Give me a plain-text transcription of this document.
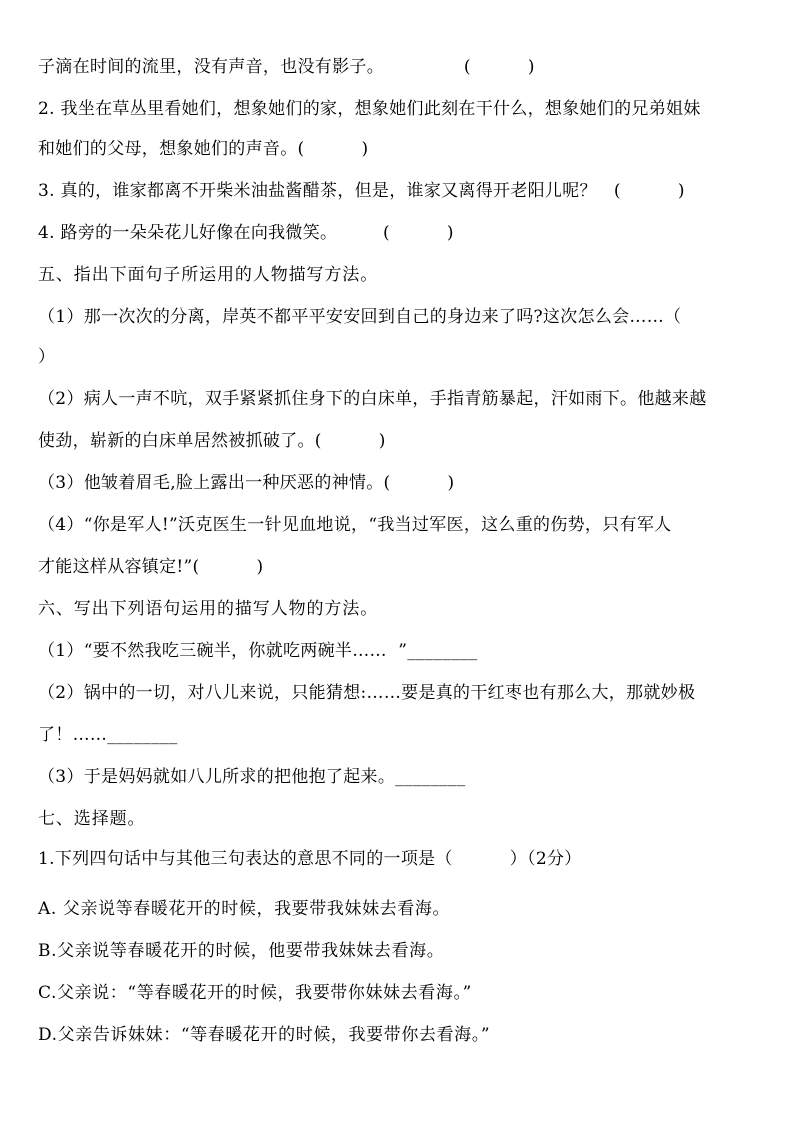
子滴在时间的流里，没有声音，也没有影子。              (          )
2. 我坐在草丛里看她们，想象她们的家，想象她们此刻在干什么，想象她们的兄弟姐妹
和她们的父母，想象她们的声音。(          )
3. 真的，谁家都离不开柴米油盐酱醋茶，但是，谁家又离得开老阳儿呢？   (          )
4. 路旁的一朵朵花儿好像在向我微笑。        (          )
五、指出下面句子所运用的人物描写方法。
（1）那一次次的分离，岸英不都平平安安回到自己的身边来了吗?这次怎么会……（
）
（2）病人一声不吭，双手紧紧抓住身下的白床单，手指青筋暴起，汗如雨下。他越来越
使劲，崭新的白床单居然被抓破了。(          )
（3）他皱着眉毛,脸上露出一种厌恶的神情。(          )
（4）“你是军人!”沃克医生一针见血地说，“我当过军医，这么重的伤势，只有军人
才能这样从容镇定!”(          )
六、写出下列语句运用的描写人物的方法。
（1）“要不然我吃三碗半，你就吃两碗半……  ”________
（2）锅中的一切，对八儿来说，只能猜想:……要是真的干红枣也有那么大，那就妙极
了！……________
（3）于是妈妈就如八儿所求的把他抱了起来。________
七、选择题。
1.下列四句话中与其他三句表达的意思不同的一项是（          ）（2分）
A. 父亲说等春暖花开的时候，我要带我妹妹去看海。
B.父亲说等春暖花开的时候，他要带我妹妹去看海。
C.父亲说：“等春暖花开的时候，我要带你妹妹去看海。”
D.父亲告诉妹妹：“等春暖花开的时候，我要带你去看海。”
